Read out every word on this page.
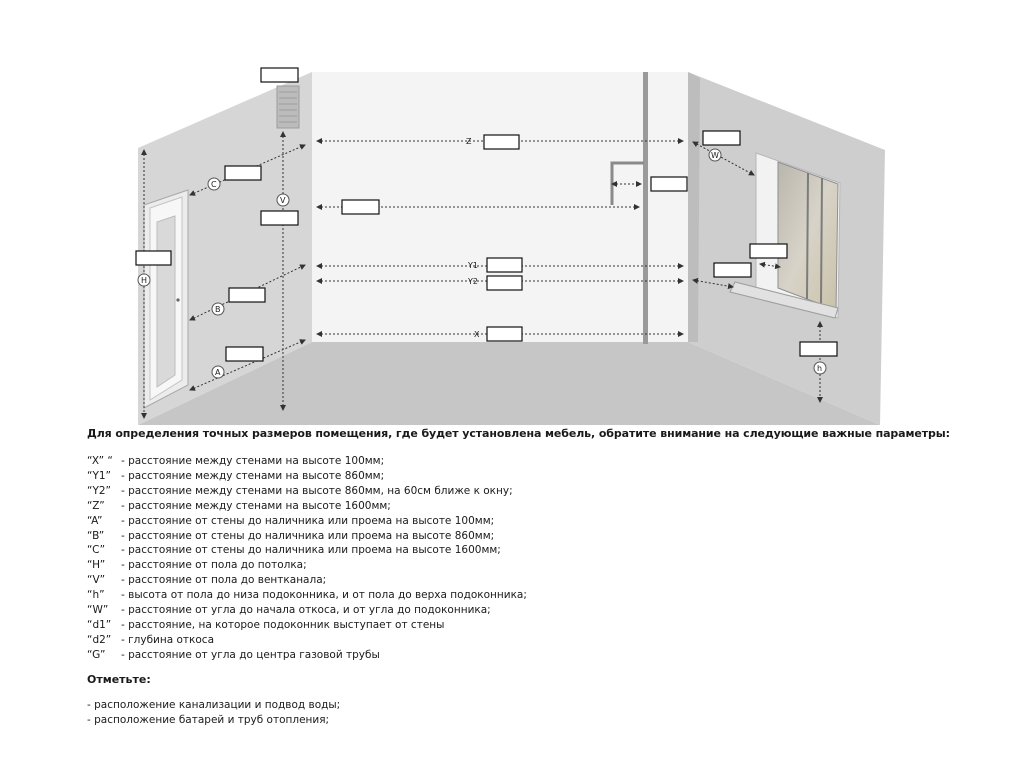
Z
Y1
Y2
X
C
V
H
B
A
W
h
Для определения точных размеров помещения, где будет установлена мебель, обратите внимание на следующие важные параметры:
“X” “ - расстояние между стенами на высоте 100мм;
“Y1” - расстояние между стенами на высоте 860мм;
“Y2” - расстояние между стенами на высоте 860мм, на 60см ближе к окну;
“Z”	- расстояние между стенами на высоте 1600мм;
“A”	- расстояние от стены до наличника или проема на высоте 100мм;
“B”	- расстояние от стены до наличника или проема на высоте 860мм;
“C”	- расстояние от стены до наличника или проема на высоте 1600мм;
“H”	- расстояние от пола до потолка;
“V”	- расстояние от пола до вентканала;
“h”	- высота от пола до низа подоконника, и от пола до верха подоконника;
“W”	- расстояние от угла до начала откоса, и от угла до подоконника;
“d1” - расстояние, на которое подоконник выступает от стены
“d2” - глубина откоса
“G”	- расстояние от угла до центра газовой трубы
Отметьте:
- расположение канализации и подвод воды;
- расположение батарей и труб отопления;
